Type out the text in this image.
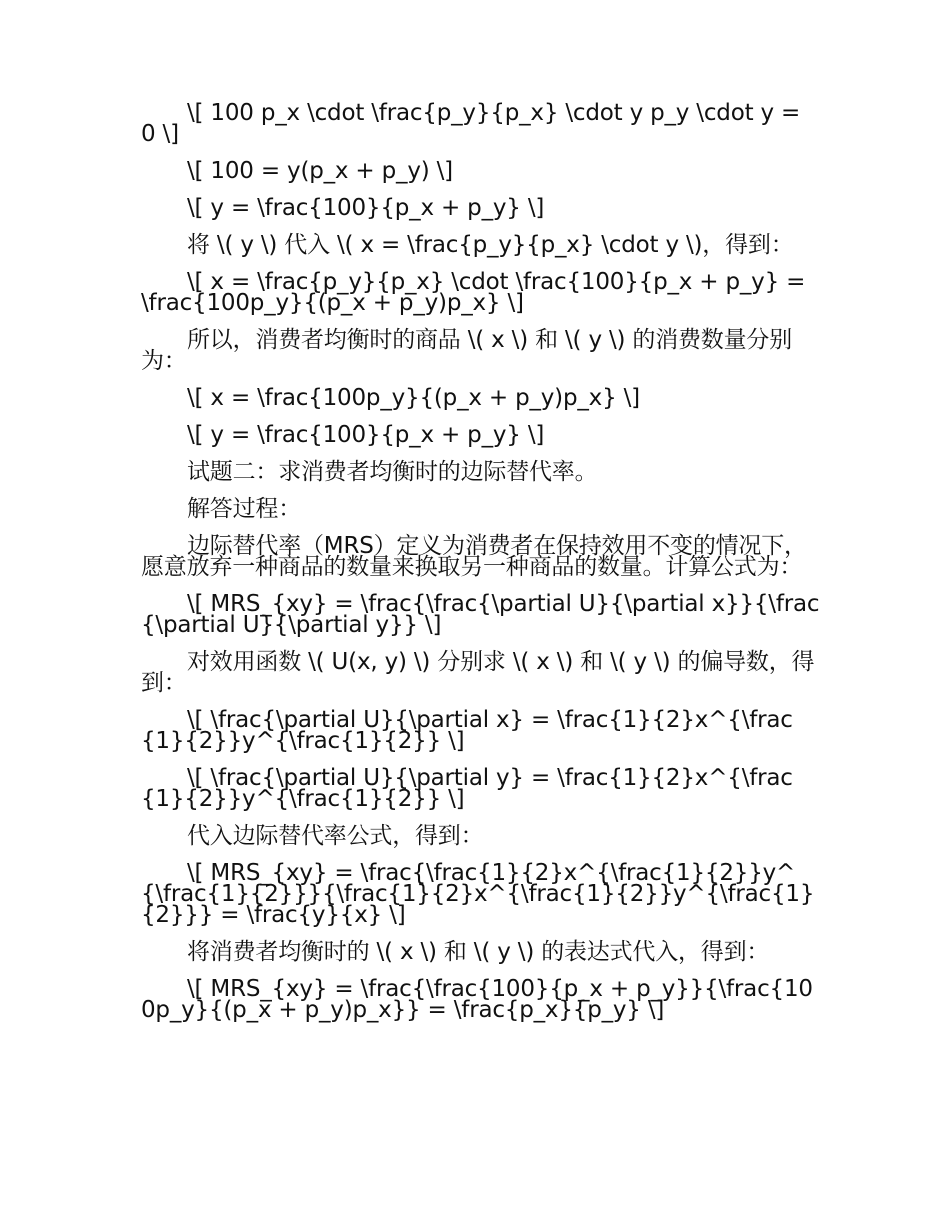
\[ 100 p_x \cdot \frac{p_y}{p_x} \cdot y p_y \cdot y = 0 \]

\[ 100 = y(p_x + p_y) \]

\[ y = \frac{100}{p_x + p_y} \]

将 \( y \) 代入 \( x = \frac{p_y}{p_x} \cdot y \)，得到：

\[ x = \frac{p_y}{p_x} \cdot \frac{100}{p_x + p_y} = \frac{100p_y}{(p_x + p_y)p_x} \]

所以，消费者均衡时的商品 \( x \) 和 \( y \) 的消费数量分别为：

\[ x = \frac{100p_y}{(p_x + p_y)p_x} \]

\[ y = \frac{100}{p_x + p_y} \]

试题二：求消费者均衡时的边际替代率。

解答过程：

边际替代率（MRS）定义为消费者在保持效用不变的情况下，愿意放弃一种商品的数量来换取另一种商品的数量。计算公式为：

\[ MRS_{xy} = \frac{\frac{\partial U}{\partial x}}{\frac{\partial U}{\partial y}} \]

对效用函数 \( U(x, y) \) 分别求 \( x \) 和 \( y \) 的偏导数，得到：

\[ \frac{\partial U}{\partial x} = \frac{1}{2}x^{\frac{1}{2}}y^{\frac{1}{2}} \]

\[ \frac{\partial U}{\partial y} = \frac{1}{2}x^{\frac{1}{2}}y^{\frac{1}{2}} \]

代入边际替代率公式，得到：

\[ MRS_{xy} = \frac{\frac{1}{2}x^{\frac{1}{2}}y^{\frac{1}{2}}}{\frac{1}{2}x^{\frac{1}{2}}y^{\frac{1}{2}}} = \frac{y}{x} \]

将消费者均衡时的 \( x \) 和 \( y \) 的表达式代入，得到：

\[ MRS_{xy} = \frac{\frac{100}{p_x + p_y}}{\frac{100p_y}{(p_x + p_y)p_x}} = \frac{p_x}{p_y} \]
